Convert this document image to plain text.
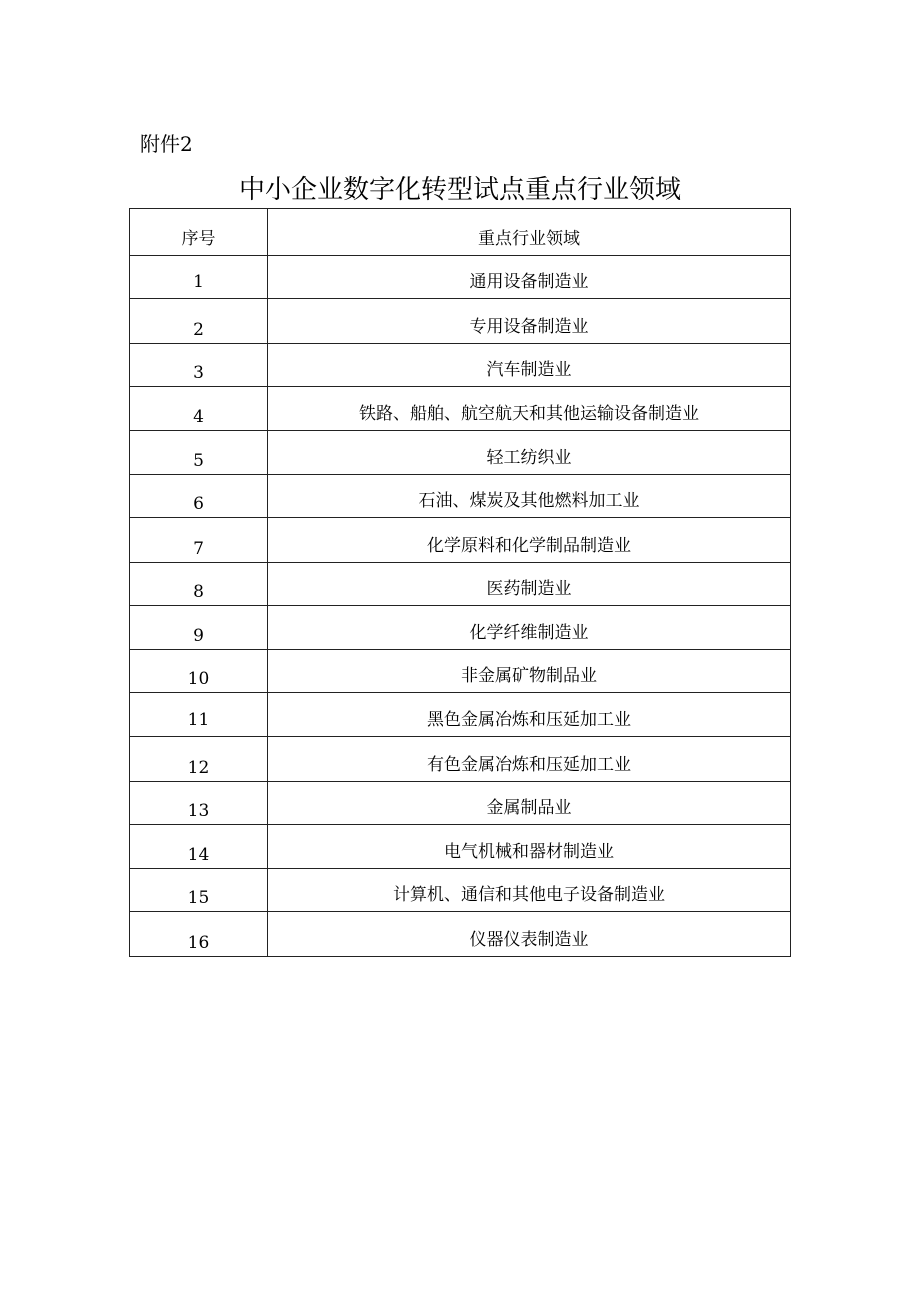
附件2
中小企业数字化转型试点重点行业领域
序号	重点行业领域
1	通用设备制造业
2	专用设备制造业
3	汽车制造业
4	铁路、船舶、航空航天和其他运输设备制造业
5	轻工纺织业
6	石油、煤炭及其他燃料加工业
7	化学原料和化学制品制造业
8	医药制造业
9	化学纤维制造业
10	非金属矿物制品业
11	黑色金属冶炼和压延加工业
12	有色金属冶炼和压延加工业
13	金属制品业
14	电气机械和器材制造业
15	计算机、通信和其他电子设备制造业
16	仪器仪表制造业
